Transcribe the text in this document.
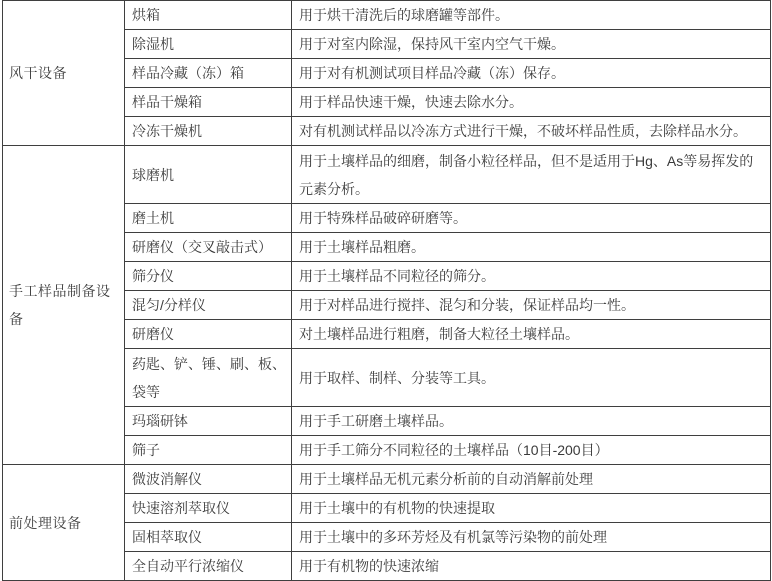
风干设备	烘箱	用于烘干清洗后的球磨罐等部件。
	除湿机	用于对室内除湿，保持风干室内空气干燥。
	样品冷藏（冻）箱	用于对有机测试项目样品冷藏（冻）保存。
	样品干燥箱	用于样品快速干燥，快速去除水分。
	冷冻干燥机	对有机测试样品以冷冻方式进行干燥，不破坏样品性质，去除样品水分。
手工样品制备设备	球磨机	用于土壤样品的细磨，制备小粒径样品，但不是适用于Hg、As等易挥发的元素分析。
	磨土机	用于特殊样品破碎研磨等。
	研磨仪（交叉敲击式）	用于土壤样品粗磨。
	筛分仪	用于土壤样品不同粒径的筛分。
	混匀/分样仪	用于对样品进行搅拌、混匀和分装，保证样品均一性。
	研磨仪	对土壤样品进行粗磨，制备大粒径土壤样品。
	药匙、铲、锤、刷、板、袋等	用于取样、制样、分装等工具。
	玛瑙研钵	用于手工研磨土壤样品。
	筛子	用于手工筛分不同粒径的土壤样品（10目-200目）
前处理设备	微波消解仪	用于土壤样品无机元素分析前的自动消解前处理
	快速溶剂萃取仪	用于土壤中的有机物的快速提取
	固相萃取仪	用于土壤中的多环芳烃及有机氯等污染物的前处理
	全自动平行浓缩仪	用于有机物的快速浓缩
